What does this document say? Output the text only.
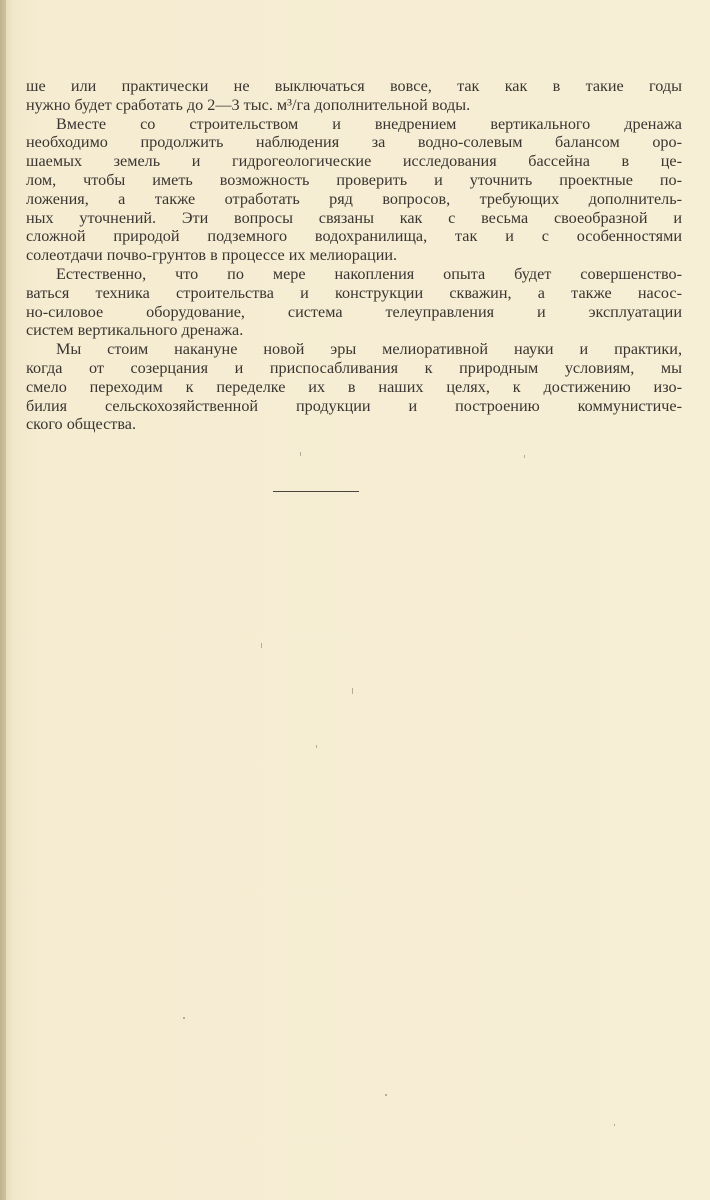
ше или практически не выключаться вовсе, так как в такие годы
нужно будет сработать до 2—3 тыс. м³/га дополнительной воды.
Вместе со строительством и внедрением вертикального дренажа
необходимо продолжить наблюдения за водно-солевым балансом оро-
шаемых земель и гидрогеологические исследования бассейна в це-
лом, чтобы иметь возможность проверить и уточнить проектные по-
ложения, а также отработать ряд вопросов, требующих дополнитель-
ных уточнений. Эти вопросы связаны как с весьма своеобразной и
сложной природой подземного водохранилища, так и с особенностями
солеотдачи почво-грунтов в процессе их мелиорации.
Естественно, что по мере накопления опыта будет совершенство-
ваться техника строительства и конструкции скважин, а также насос-
но-силовое оборудование, система телеуправления и эксплуатации
систем вертикального дренажа.
Мы стоим накануне новой эры мелиоративной науки и практики,
когда от созерцания и приспосабливания к природным условиям, мы
смело переходим к переделке их в наших целях, к достижению изо-
билия сельскохозяйственной продукции и построению коммунистиче-
ского общества.
